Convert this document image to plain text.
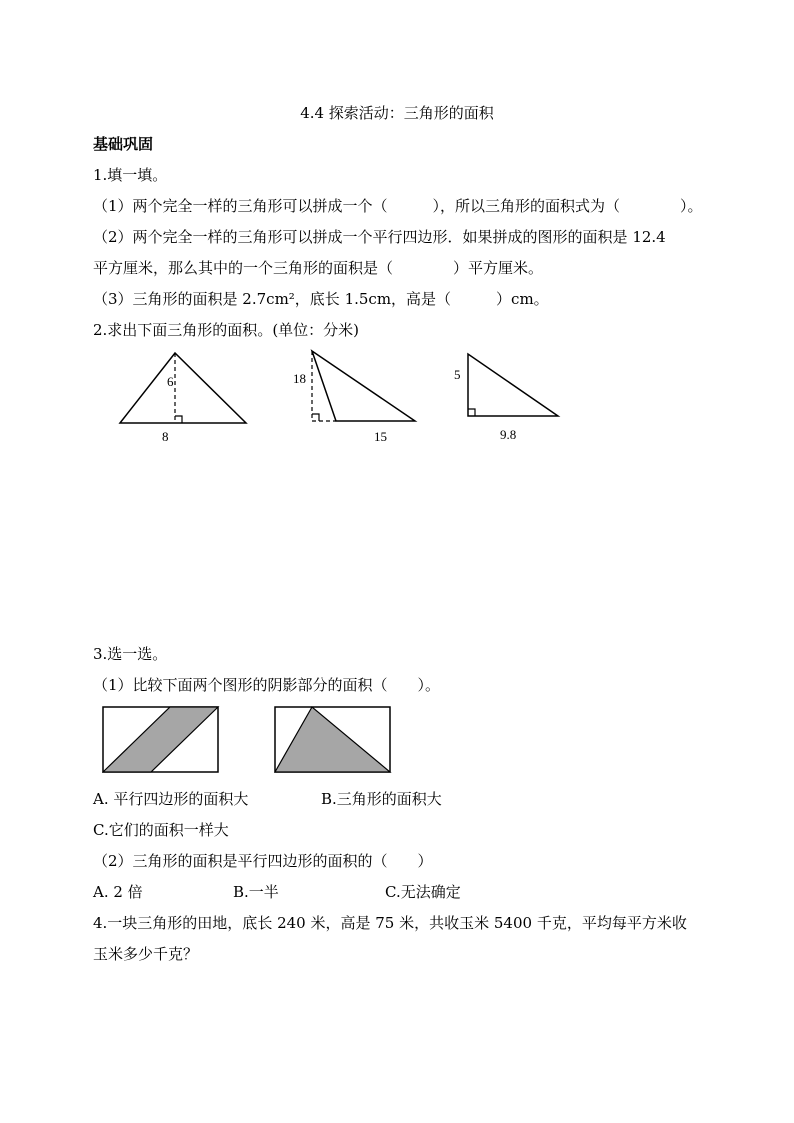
4.4 探索活动：三角形的面积
基础巩固
1.填一填。
（1）两个完全一样的三角形可以拼成一个（　　　），所以三角形的面积式为（　　　　）。
（2）两个完全一样的三角形可以拼成一个平行四边形．如果拼成的图形的面积是 12.4
平方厘米，那么其中的一个三角形的面积是（　　　　）平方厘米。
（3）三角形的面积是 2.7cm²，底长 1.5cm，高是（　　　）cm。
2.求出下面三角形的面积。(单位：分米)
6
8
18
15
5
9.8
3.选一选。
（1）比较下面两个图形的阴影部分的面积（　　）。
A. 平行四边形的面积大	B.三角形的面积大
C.它们的面积一样大
（2）三角形的面积是平行四边形的面积的（　　）
A. 2 倍	B.一半	C.无法确定
4.一块三角形的田地，底长 240 米，高是 75 米，共收玉米 5400 千克，平均每平方米收
玉米多少千克？
